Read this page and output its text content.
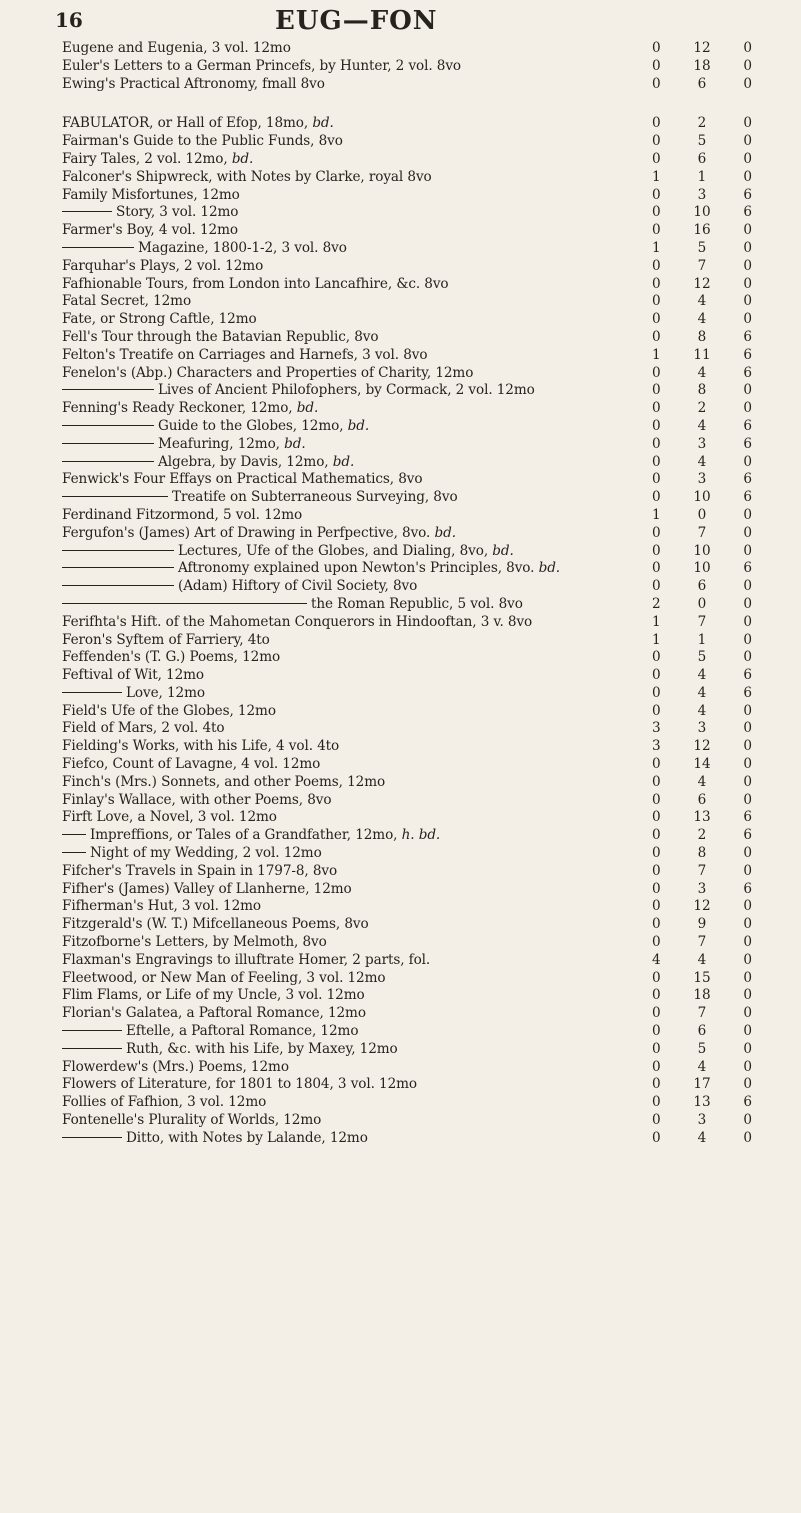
16	EUG—FON
Eugene and Eugenia, 3 vol. 12mo	0	12	0
Euler's Letters to a German Princefs, by Hunter, 2 vol. 8vo	0	18	0
Ewing's Practical Aftronomy, fmall 8vo	0	6	0
FABULATOR, or Hall of Efop, 18mo, bd.	0	2	0
Fairman's Guide to the Public Funds, 8vo	0	5	0
Fairy Tales, 2 vol. 12mo, bd.	0	6	0
Falconer's Shipwreck, with Notes by Clarke, royal 8vo	1	1	0
Family Misfortunes, 12mo	0	3	6
Story, 3 vol. 12mo	0	10	6
Farmer's Boy, 4 vol. 12mo	0	16	0
Magazine, 1800-1-2, 3 vol. 8vo	1	5	0
Farquhar's Plays, 2 vol. 12mo	0	7	0
Fafhionable Tours, from London into Lancafhire, &c. 8vo	0	12	0
Fatal Secret, 12mo	0	4	0
Fate, or Strong Caftle, 12mo	0	4	0
Fell's Tour through the Batavian Republic, 8vo	0	8	6
Felton's Treatife on Carriages and Harnefs, 3 vol. 8vo	1	11	6
Fenelon's (Abp.) Characters and Properties of Charity, 12mo	0	4	6
Lives of Ancient Philofophers, by Cormack, 2 vol. 12mo	0	8	0
Fenning's Ready Reckoner, 12mo, bd.	0	2	0
Guide to the Globes, 12mo, bd.	0	4	6
Meafuring, 12mo, bd.	0	3	6
Algebra, by Davis, 12mo, bd.	0	4	0
Fenwick's Four Effays on Practical Mathematics, 8vo	0	3	6
Treatife on Subterraneous Surveying, 8vo	0	10	6
Ferdinand Fitzormond, 5 vol. 12mo	1	0	0
Fergufon's (James) Art of Drawing in Perfpective, 8vo. bd.	0	7	0
Lectures, Ufe of the Globes, and Dialing, 8vo, bd.	0	10	0
Aftronomy explained upon Newton's Principles, 8vo. bd.	0	10	6
(Adam) Hiftory of Civil Society, 8vo	0	6	0
the Roman Republic, 5 vol. 8vo	2	0	0
Ferifhta's Hift. of the Mahometan Conquerors in Hindooftan, 3 v. 8vo	1	7	0
Feron's Syftem of Farriery, 4to	1	1	0
Feffenden's (T. G.) Poems, 12mo	0	5	0
Feftival of Wit, 12mo	0	4	6
Love, 12mo	0	4	6
Field's Ufe of the Globes, 12mo	0	4	0
Field of Mars, 2 vol. 4to	3	3	0
Fielding's Works, with his Life, 4 vol. 4to	3	12	0
Fiefco, Count of Lavagne, 4 vol. 12mo	0	14	0
Finch's (Mrs.) Sonnets, and other Poems, 12mo	0	4	0
Finlay's Wallace, with other Poems, 8vo	0	6	0
Firft Love, a Novel, 3 vol. 12mo	0	13	6
Impreffions, or Tales of a Grandfather, 12mo, h. bd.	0	2	6
Night of my Wedding, 2 vol. 12mo	0	8	0
Fifcher's Travels in Spain in 1797-8, 8vo	0	7	0
Fifher's (James) Valley of Llanherne, 12mo	0	3	6
Fifherman's Hut, 3 vol. 12mo	0	12	0
Fitzgerald's (W. T.) Mifcellaneous Poems, 8vo	0	9	0
Fitzofborne's Letters, by Melmoth, 8vo	0	7	0
Flaxman's Engravings to illuftrate Homer, 2 parts, fol.	4	4	0
Fleetwood, or New Man of Feeling, 3 vol. 12mo	0	15	0
Flim Flams, or Life of my Uncle, 3 vol. 12mo	0	18	0
Florian's Galatea, a Paftoral Romance, 12mo	0	7	0
Eftelle, a Paftoral Romance, 12mo	0	6	0
Ruth, &c. with his Life, by Maxey, 12mo	0	5	0
Flowerdew's (Mrs.) Poems, 12mo	0	4	0
Flowers of Literature, for 1801 to 1804, 3 vol. 12mo	0	17	0
Follies of Fafhion, 3 vol. 12mo	0	13	6
Fontenelle's Plurality of Worlds, 12mo	0	3	0
Ditto, with Notes by Lalande, 12mo	0	4	0
